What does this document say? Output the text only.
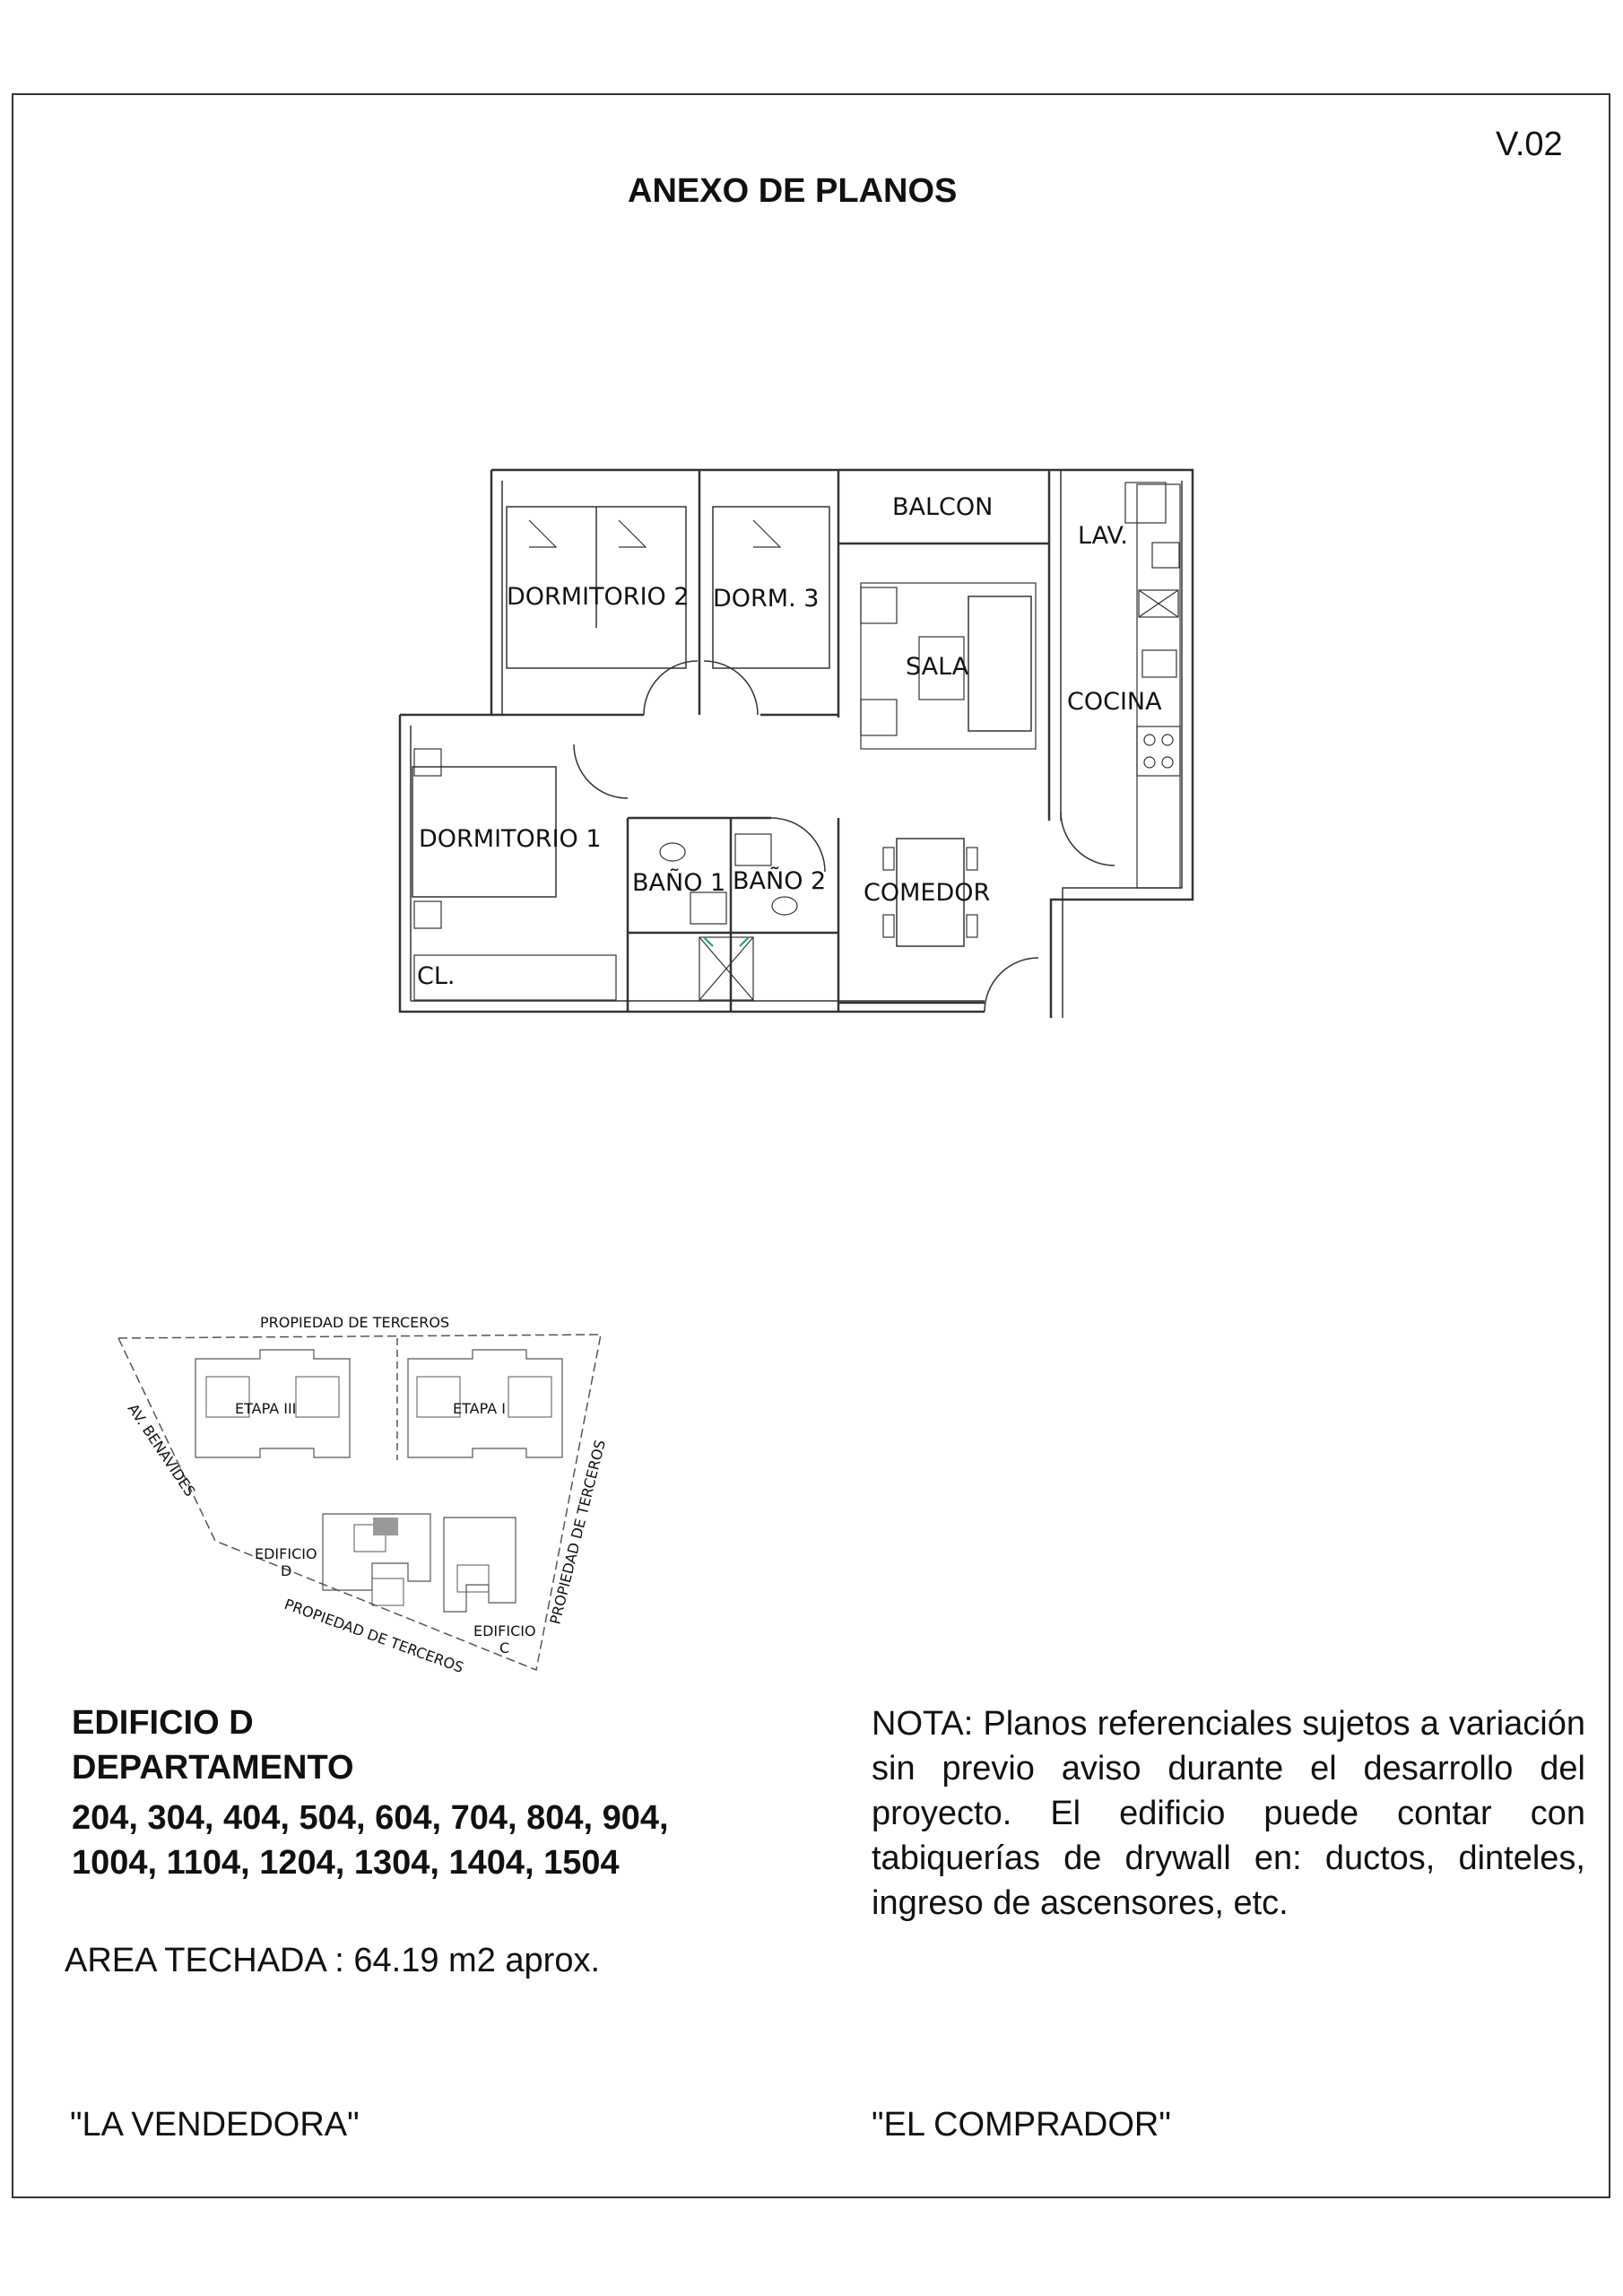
V.02
ANEXO DE PLANOS
BALCON
LAV.
DORMITORIO 2 DORM. 3
SALA
COCINA
DORMITORIO 1
BAÑO 1 BAÑO 2 COMEDOR
CL.
PROPIEDAD DE TERCEROS
ETAPA III	ETAPA I
AV. BENAVIDES	PROPIEDAD DE TERCEROS
EDIFICIO
D
PROPIEDAD DE TERCEROS EDIFICIO
C
EDIFICIO D
DEPARTAMENTO
204, 304, 404, 504, 604, 704, 804, 904, 1004, 1104, 1204, 1304, 1404, 1504
AREA TECHADA : 64.19 m2 aprox.
NOTA: Planos referenciales sujetos a variación sin previo aviso durante el desarrollo del proyecto. El edificio puede contar con tabiquerías de drywall en: ductos, dinteles, ingreso de ascensores, etc.
"LA VENDEDORA"	"EL COMPRADOR"
